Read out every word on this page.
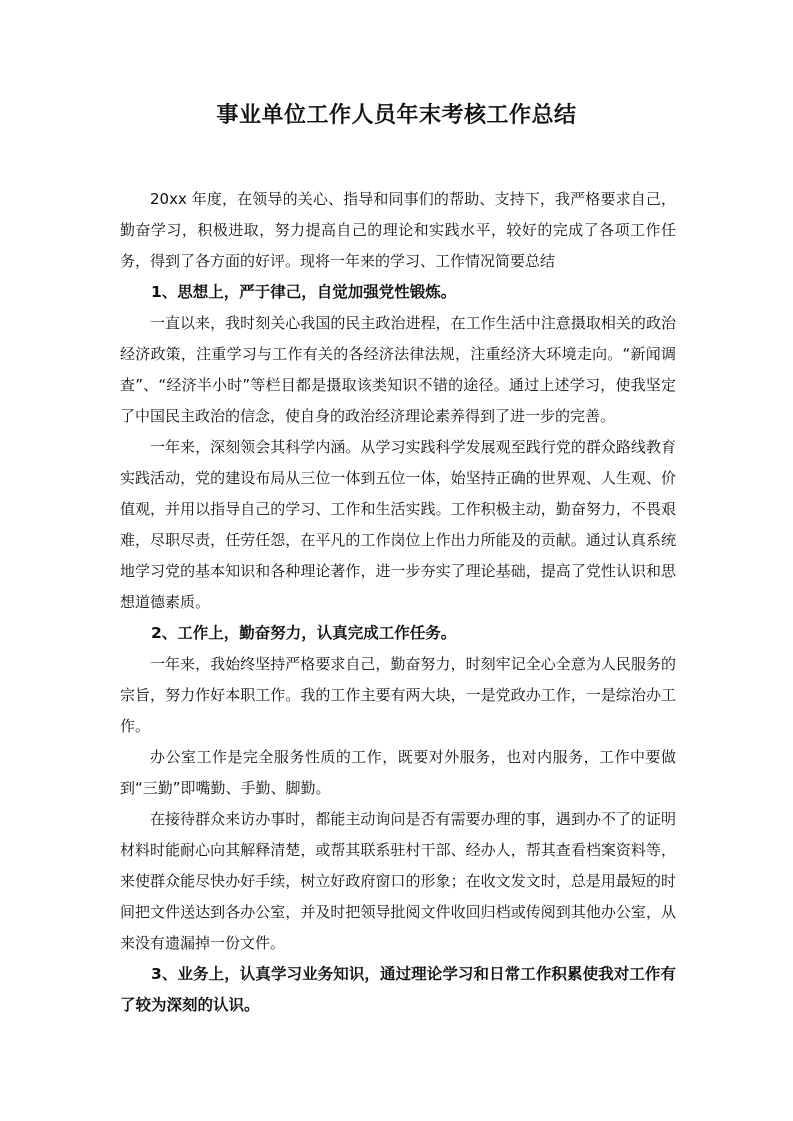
事业单位工作人员年末考核工作总结

20xx 年度，在领导的关心、指导和同事们的帮助、支持下，我严格要求自己，勤奋学习，积极进取，努力提高自己的理论和实践水平，较好的完成了各项工作任务，得到了各方面的好评。现将一年来的学习、工作情况简要总结

1、思想上，严于律己，自觉加强党性锻炼。

一直以来，我时刻关心我国的民主政治进程，在工作生活中注意摄取相关的政治经济政策，注重学习与工作有关的各经济法律法规，注重经济大环境走向。“新闻调查”、“经济半小时”等栏目都是摄取该类知识不错的途径。通过上述学习，使我坚定了中国民主政治的信念，使自身的政治经济理论素养得到了进一步的完善。

一年来，深刻领会其科学内涵。从学习实践科学发展观至践行党的群众路线教育实践活动，党的建设布局从三位一体到五位一体，始坚持正确的世界观、人生观、价值观，并用以指导自己的学习、工作和生活实践。工作积极主动，勤奋努力，不畏艰难，尽职尽责，任劳任怨，在平凡的工作岗位上作出力所能及的贡献。通过认真系统地学习党的基本知识和各种理论著作，进一步夯实了理论基础，提高了党性认识和思想道德素质。

2、工作上，勤奋努力，认真完成工作任务。

一年来，我始终坚持严格要求自己，勤奋努力，时刻牢记全心全意为人民服务的宗旨，努力作好本职工作。我的工作主要有两大块，一是党政办工作，一是综治办工作。

办公室工作是完全服务性质的工作，既要对外服务，也对内服务，工作中要做到“三勤”即嘴勤、手勤、脚勤。

在接待群众来访办事时，都能主动询问是否有需要办理的事，遇到办不了的证明材料时能耐心向其解释清楚，或帮其联系驻村干部、经办人，帮其查看档案资料等，来使群众能尽快办好手续，树立好政府窗口的形象；在收文发文时，总是用最短的时间把文件送达到各办公室，并及时把领导批阅文件收回归档或传阅到其他办公室，从来没有遗漏掉一份文件。

3、业务上，认真学习业务知识，通过理论学习和日常工作积累使我对工作有了较为深刻的认识。
